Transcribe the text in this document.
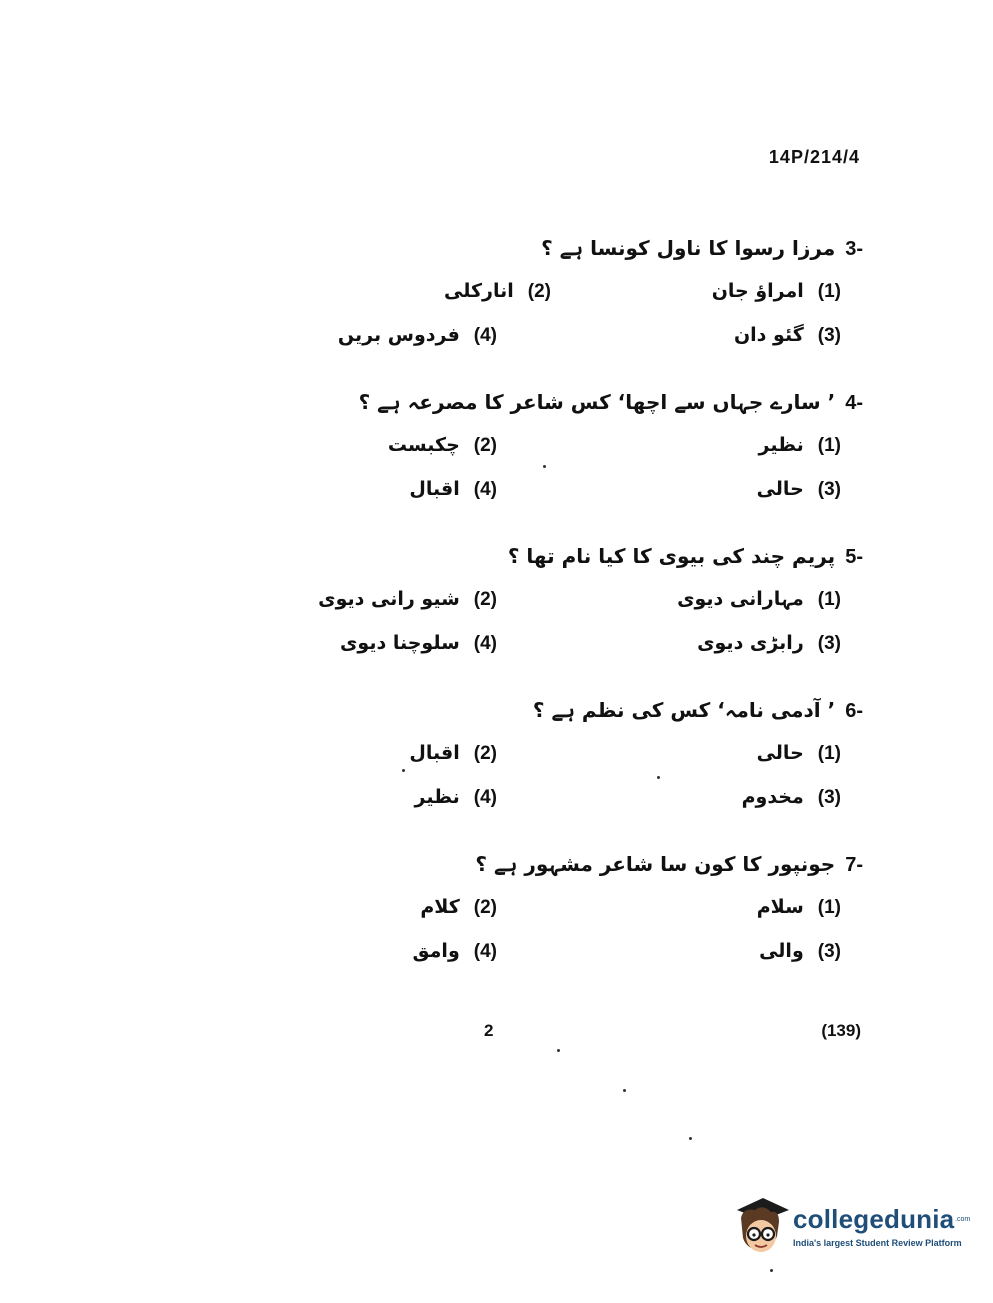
14P/214/4
3-
مرزا رسوا کا ناول کونسا ہے ؟
(1)
امراؤ جان
(2)
انارکلی
(3)
گئو دان
(4)
فردوس بریں
4-
’ سارے جہاں سے اچھا‘ کس شاعر کا مصرعہ ہے ؟
(1)
نظیر
(2)
چکبست
(3)
حالی
(4)
اقبال
5-
پریم چند کی بیوی کا کیا نام تھا ؟
(1)
مہارانی دیوی
(2)
شیو رانی دیوی
(3)
رابڑی دیوی
(4)
سلوچنا دیوی
6-
’ آدمی نامہ‘ کس کی نظم ہے ؟
(1)
حالی
(2)
اقبال
(3)
مخدوم
(4)
نظیر
7-
جونپور کا کون سا شاعر مشہور ہے ؟
(1)
سلام
(2)
کلام
(3)
والی
(4)
وامق
2	(139)
collegedunia .com
India's largest Student Review Platform
